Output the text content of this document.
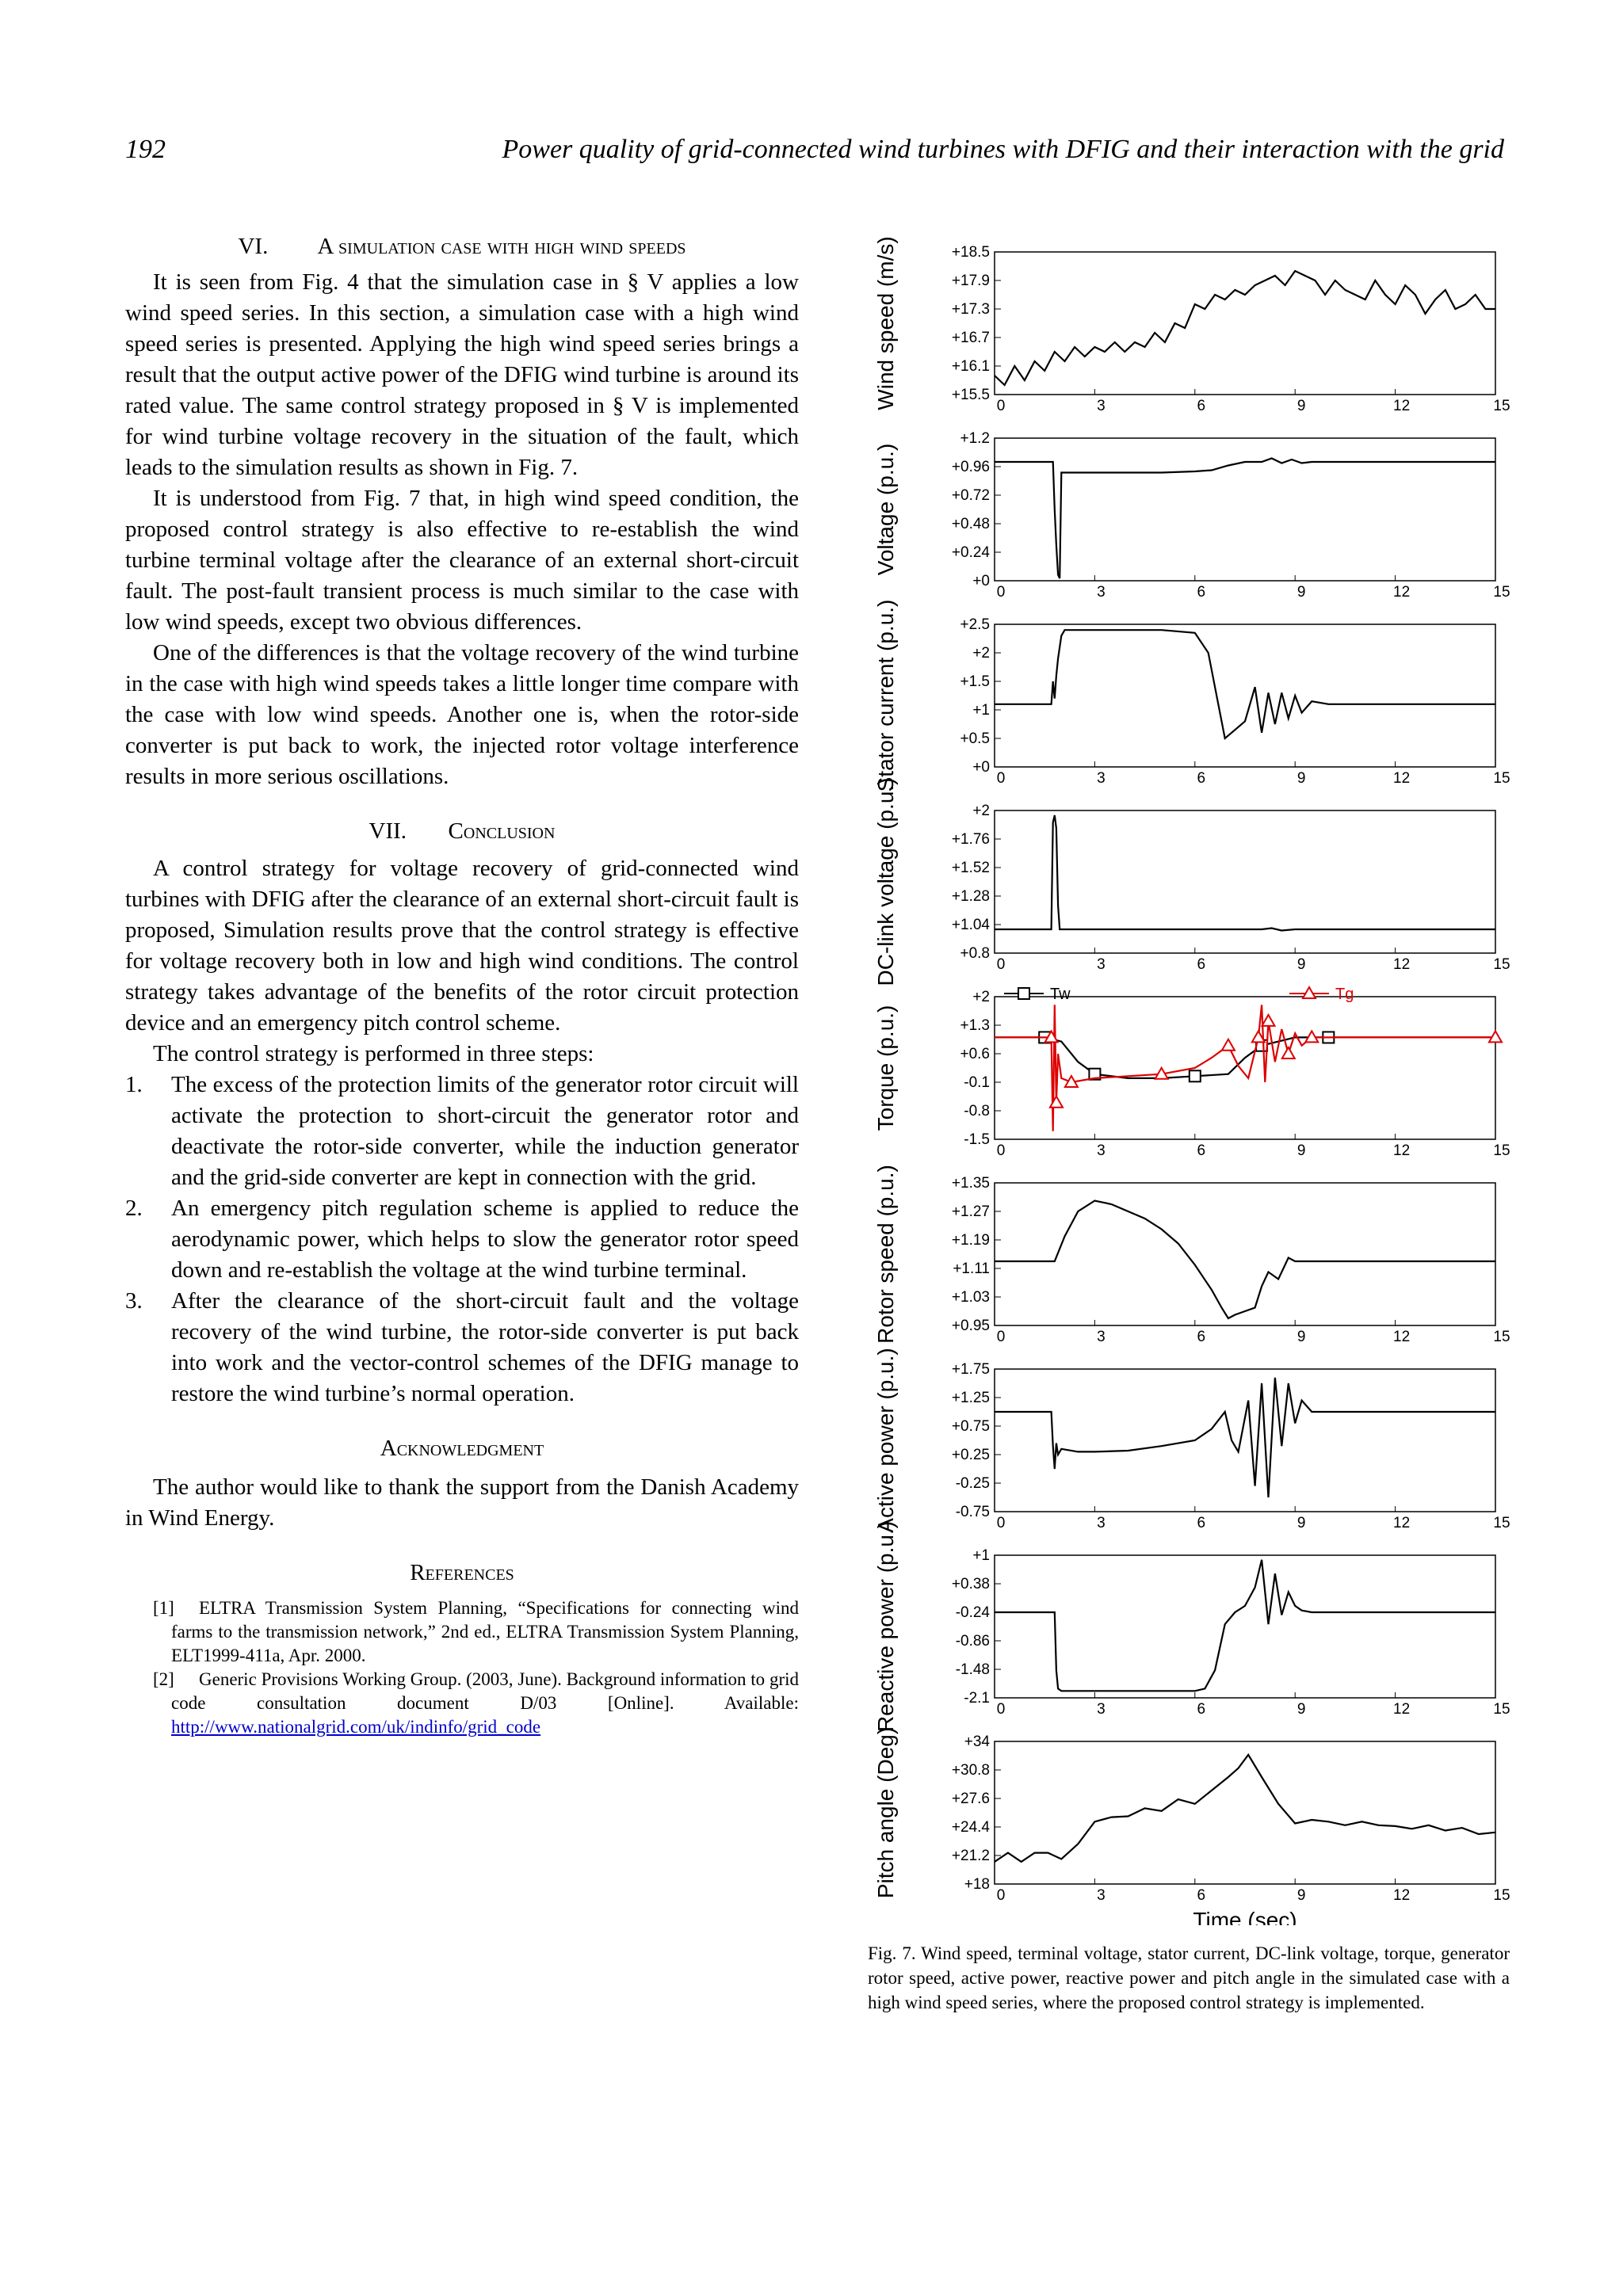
192	Power quality of grid-connected wind turbines with DFIG and their interaction with the grid
VI. A simulation case with high wind speeds

It is seen from Fig. 4 that the simulation case in § V applies a low wind speed series. In this section, a simulation case with a high wind speed series is presented. Applying the high wind speed series brings a result that the output active power of the DFIG wind turbine is around its rated value. The same control strategy proposed in § V is implemented for wind turbine voltage recovery in the situation of the fault, which leads to the simulation results as shown in Fig. 7.

It is understood from Fig. 7 that, in high wind speed condition, the proposed control strategy is also effective to re-establish the wind turbine terminal voltage after the clearance of an external short-circuit fault. The post-fault transient process is much similar to the case with low wind speeds, except two obvious differences.

One of the differences is that the voltage recovery of the wind turbine in the case with high wind speeds takes a little longer time compare with the case with low wind speeds. Another one is, when the rotor-side converter is put back to work, the injected rotor voltage interference results in more serious oscillations.

VII. Conclusion

A control strategy for voltage recovery of grid-connected wind turbines with DFIG after the clearance of an external short-circuit fault is proposed, Simulation results prove that the control strategy is effective for voltage recovery both in low and high wind conditions. The control strategy takes advantage of the benefits of the rotor circuit protection device and an emergency pitch control scheme.

The control strategy is performed in three steps:

1. The excess of the protection limits of the generator rotor circuit will activate the protection to short-circuit the generator rotor and deactivate the rotor-side converter, while the induction generator and the grid-side converter are kept in connection with the grid.
2. An emergency pitch regulation scheme is applied to reduce the aerodynamic power, which helps to slow the generator rotor speed down and re-establish the voltage at the wind turbine terminal.
3. After the clearance of the short-circuit fault and the voltage recovery of the wind turbine, the rotor-side converter is put back into work and the vector-control schemes of the DFIG manage to restore the wind turbine’s normal operation.
Acknowledgment

The author would like to thank the support from the Danish Academy in Wind Energy.

References

[1] ELTRA Transmission System Planning, “Specifications for connecting wind farms to the transmission network,” 2nd ed., ELTRA Transmission System Planning, ELT1999-411a, Apr. 2000.

[2] Generic Provisions Working Group. (2003, June). Background information to grid code consultation document D/03 [Online]. Available: http://www.nationalgrid.com/uk/indinfo/grid_code

+15.5
+16.1
+16.7
+17.3
+17.9
+18.5
0	3	6	9	12	15
Wind speed (m/s)
+0
+0.24
+0.48
+0.72
+0.96
+1.2
0	3	6	9	12	15
Voltage (p.u.)
+0
+0.5
+1
+1.5
+2
+2.5
0	3	6	9	12	15
Stator current (p.u.)
+0.8
+1.04
+1.28
+1.52
+1.76
+2
0	3	6	9	12	15
DC-link voltage (p.u.)
-1.5
-0.8
-0.1
+0.6
+1.3
+2
0	3	6	9	12	15
Torque (p.u.)
Tw	Tg
+0.95
+1.03
+1.11
+1.19
+1.27
+1.35
0	3	6	9	12	15
Rotor speed (p.u.)
-0.75
-0.25
+0.25
+0.75
+1.25
+1.75
0	3	6	9	12	15
Active power (p.u.)
-2.1
-1.48
-0.86
-0.24
+0.38
+1
0	3	6	9	12	15
Reactive power (p.u.)
+18
+21.2
+24.4
+27.6
+30.8
+34
0	3	6	9	12	15
Pitch angle (Deg)
Time (sec)
Fig. 7. Wind speed, terminal voltage, stator current, DC-link voltage, torque, generator rotor speed, active power, reactive power and pitch angle in the simulated case with a high wind speed series, where the proposed control strategy is implemented.
